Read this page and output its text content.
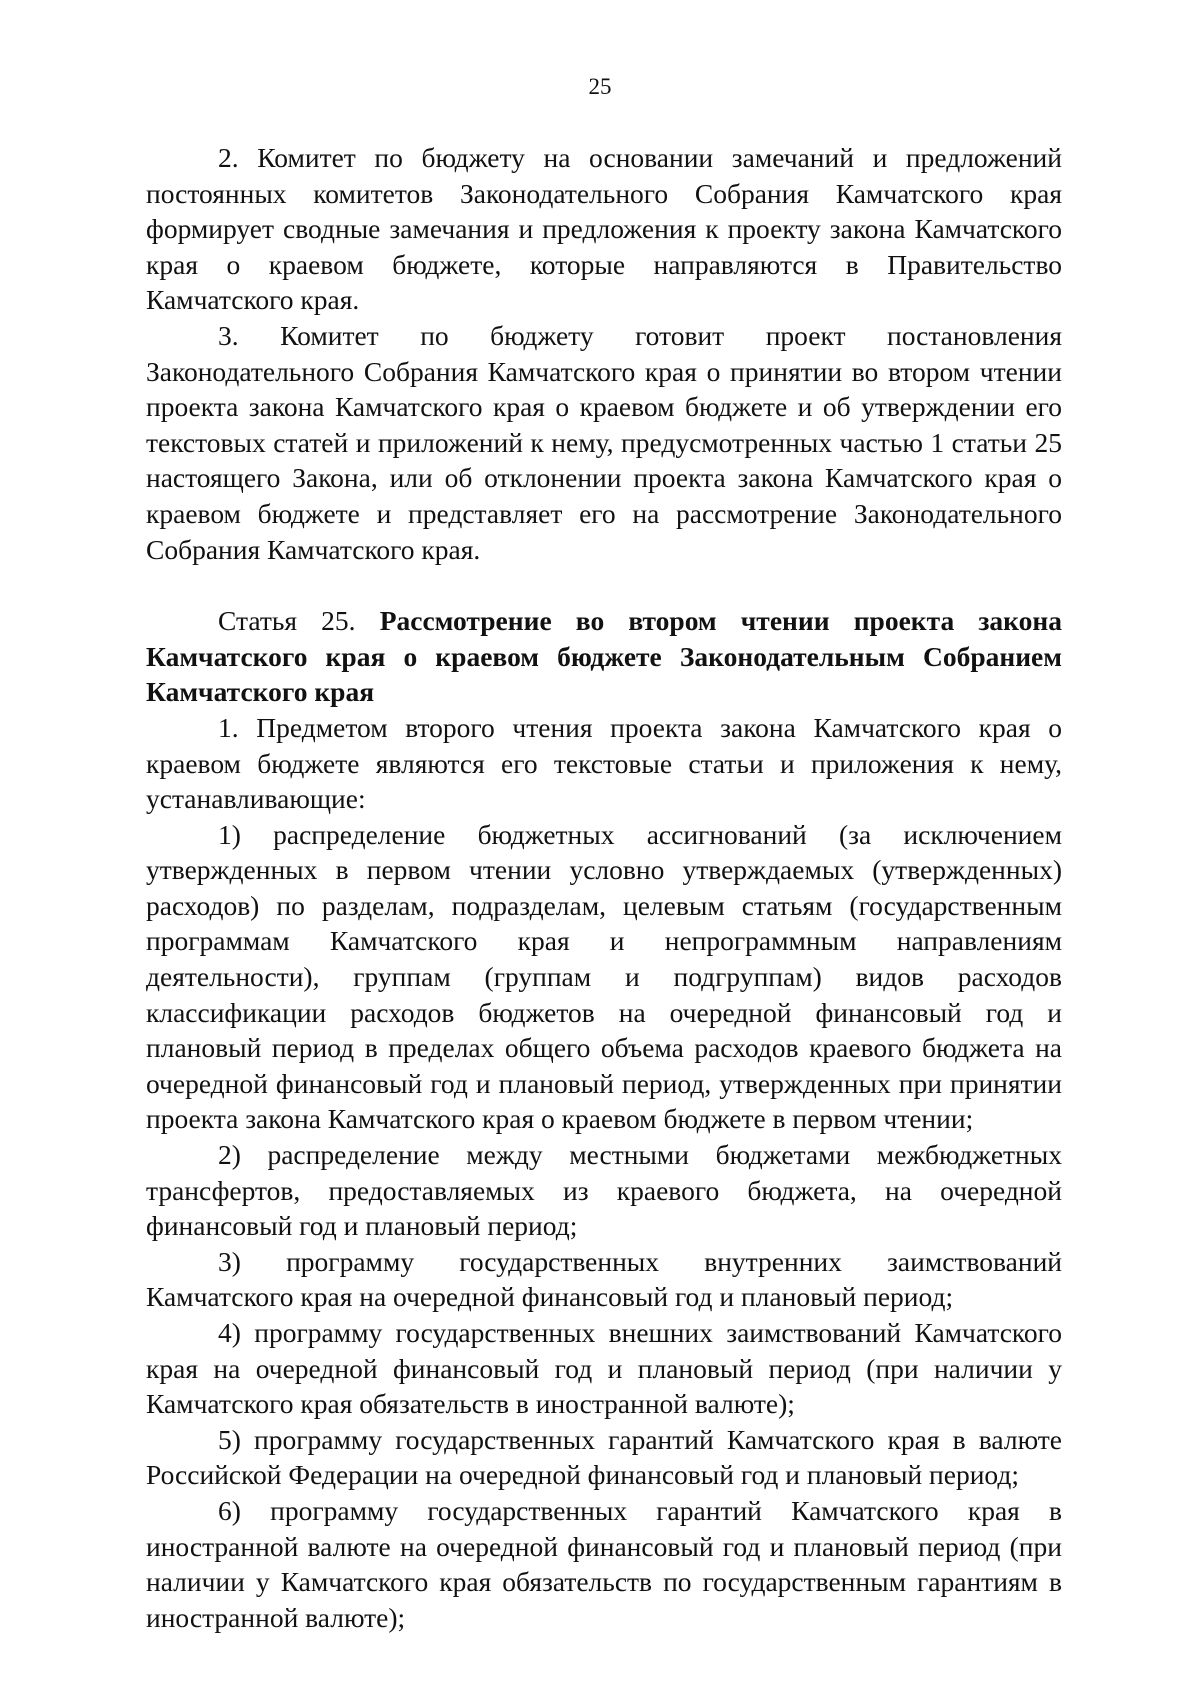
25

2. Комитет по бюджету на основании замечаний и предложений постоянных комитетов Законодательного Собрания Камчатского края формирует сводные замечания и предложения к проекту закона Камчатского края о краевом бюджете, которые направляются в Правительство Камчатского края.

3. Комитет по бюджету готовит проект постановления Законодательного Собрания Камчатского края о принятии во втором чтении проекта закона Камчатского края о краевом бюджете и об утверждении его текстовых статей и приложений к нему, предусмотренных частью 1 статьи 25 настоящего Закона, или об отклонении проекта закона Камчатского края о краевом бюджете и представляет его на рассмотрение Законодательного Собрания Камчатского края.

Статья 25. Рассмотрение во втором чтении проекта закона Камчатского края о краевом бюджете Законодательным Собранием Камчатского края

1. Предметом второго чтения проекта закона Камчатского края о краевом бюджете являются его текстовые статьи и приложения к нему, устанавливающие:

1) распределение бюджетных ассигнований (за исключением утвержденных в первом чтении условно утверждаемых (утвержденных) расходов) по разделам, подразделам, целевым статьям (государственным программам Камчатского края и непрограммным направлениям деятельности), группам (группам и подгруппам) видов расходов классификации расходов бюджетов на очередной финансовый год и плановый период в пределах общего объема расходов краевого бюджета на очередной финансовый год и плановый период, утвержденных при принятии проекта закона Камчатского края о краевом бюджете в первом чтении;

2) распределение между местными бюджетами межбюджетных трансфертов, предоставляемых из краевого бюджета, на очередной финансовый год и плановый период;

3) программу государственных внутренних заимствований Камчатского края на очередной финансовый год и плановый период;

4) программу государственных внешних заимствований Камчатского края на очередной финансовый год и плановый период (при наличии у Камчатского края обязательств в иностранной валюте);

5) программу государственных гарантий Камчатского края в валюте Российской Федерации на очередной финансовый год и плановый период;

6) программу государственных гарантий Камчатского края в иностранной валюте на очередной финансовый год и плановый период (при наличии у Камчатского края обязательств по государственным гарантиям в иностранной валюте);
